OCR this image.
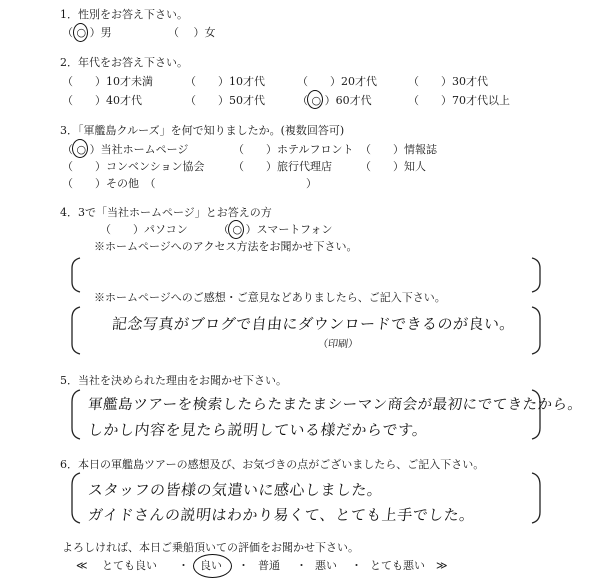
1．性別をお答え下さい。
（ ○ ）男	（　 ）女
2．年代をお答え下さい。
（　　）10才未満	（　　）10才代	（　　）20才代	（　　）30才代
（　　）40才代	（　　）50才代	（ ○ ）60才代	（　　）70才代以上
3．「軍艦島クルーズ」を何で知りましたか。(複数回答可)
（ ○ ）当社ホームページ	（　　）ホテルフロント （　　）情報誌
（　　）コンベンション協会	（　　）旅行代理店	（　　）知人
（　　）その他　（	）
4．3で「当社ホームページ」とお答えの方
（　　）パソコン	（ ○ ）スマートフォン
※ホームページへのアクセス方法をお聞かせ下さい。
※ホームページへのご感想・ご意見などありましたら、ご記入下さい。
記念写真がブログで自由にダウンロードできるのが良い。
（印刷）
5．当社を決められた理由をお聞かせ下さい。
軍艦島ツアーを検索したらたまたまシーマン商会が最初にでてきたから。
しかし内容を見たら説明している様だからです。
6．本日の軍艦島ツアーの感想及び、お気づきの点がございましたら、ご記入下さい。
スタッフの皆様の気遣いに感心しました。
ガイドさんの説明はわかり易くて、とても上手でした。
よろしければ、本日ご乗船頂いての評価をお聞かせ下さい。
≪ とても良い ・ 良い ・ 普通 ・ 悪い ・ とても悪い ≫
